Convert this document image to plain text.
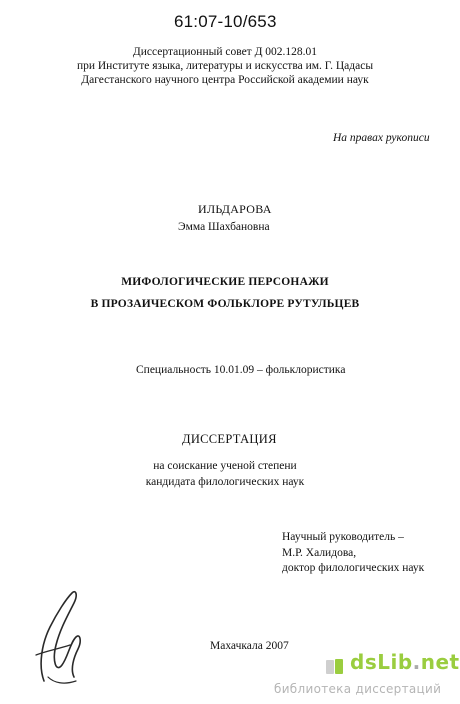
61:07-10/653
Диссертационный совет Д 002.128.01
при Институте языка, литературы и искусства им. Г. Цадасы
Дагестанского научного центра Российской академии наук
На правах рукописи
ИЛЬДАРОВА
Эмма Шахбановна
МИФОЛОГИЧЕСКИЕ ПЕРСОНАЖИ
В ПРОЗАИЧЕСКОМ ФОЛЬКЛОРЕ РУТУЛЬЦЕВ
Специальность 10.01.09 – фольклористика
ДИССЕРТАЦИЯ
на соискание ученой степени
кандидата филологических наук
Научный руководитель –
М.Р. Халидова,
доктор филологических наук
Махачкала 2007
dsLib.net
библиотека диссертаций
